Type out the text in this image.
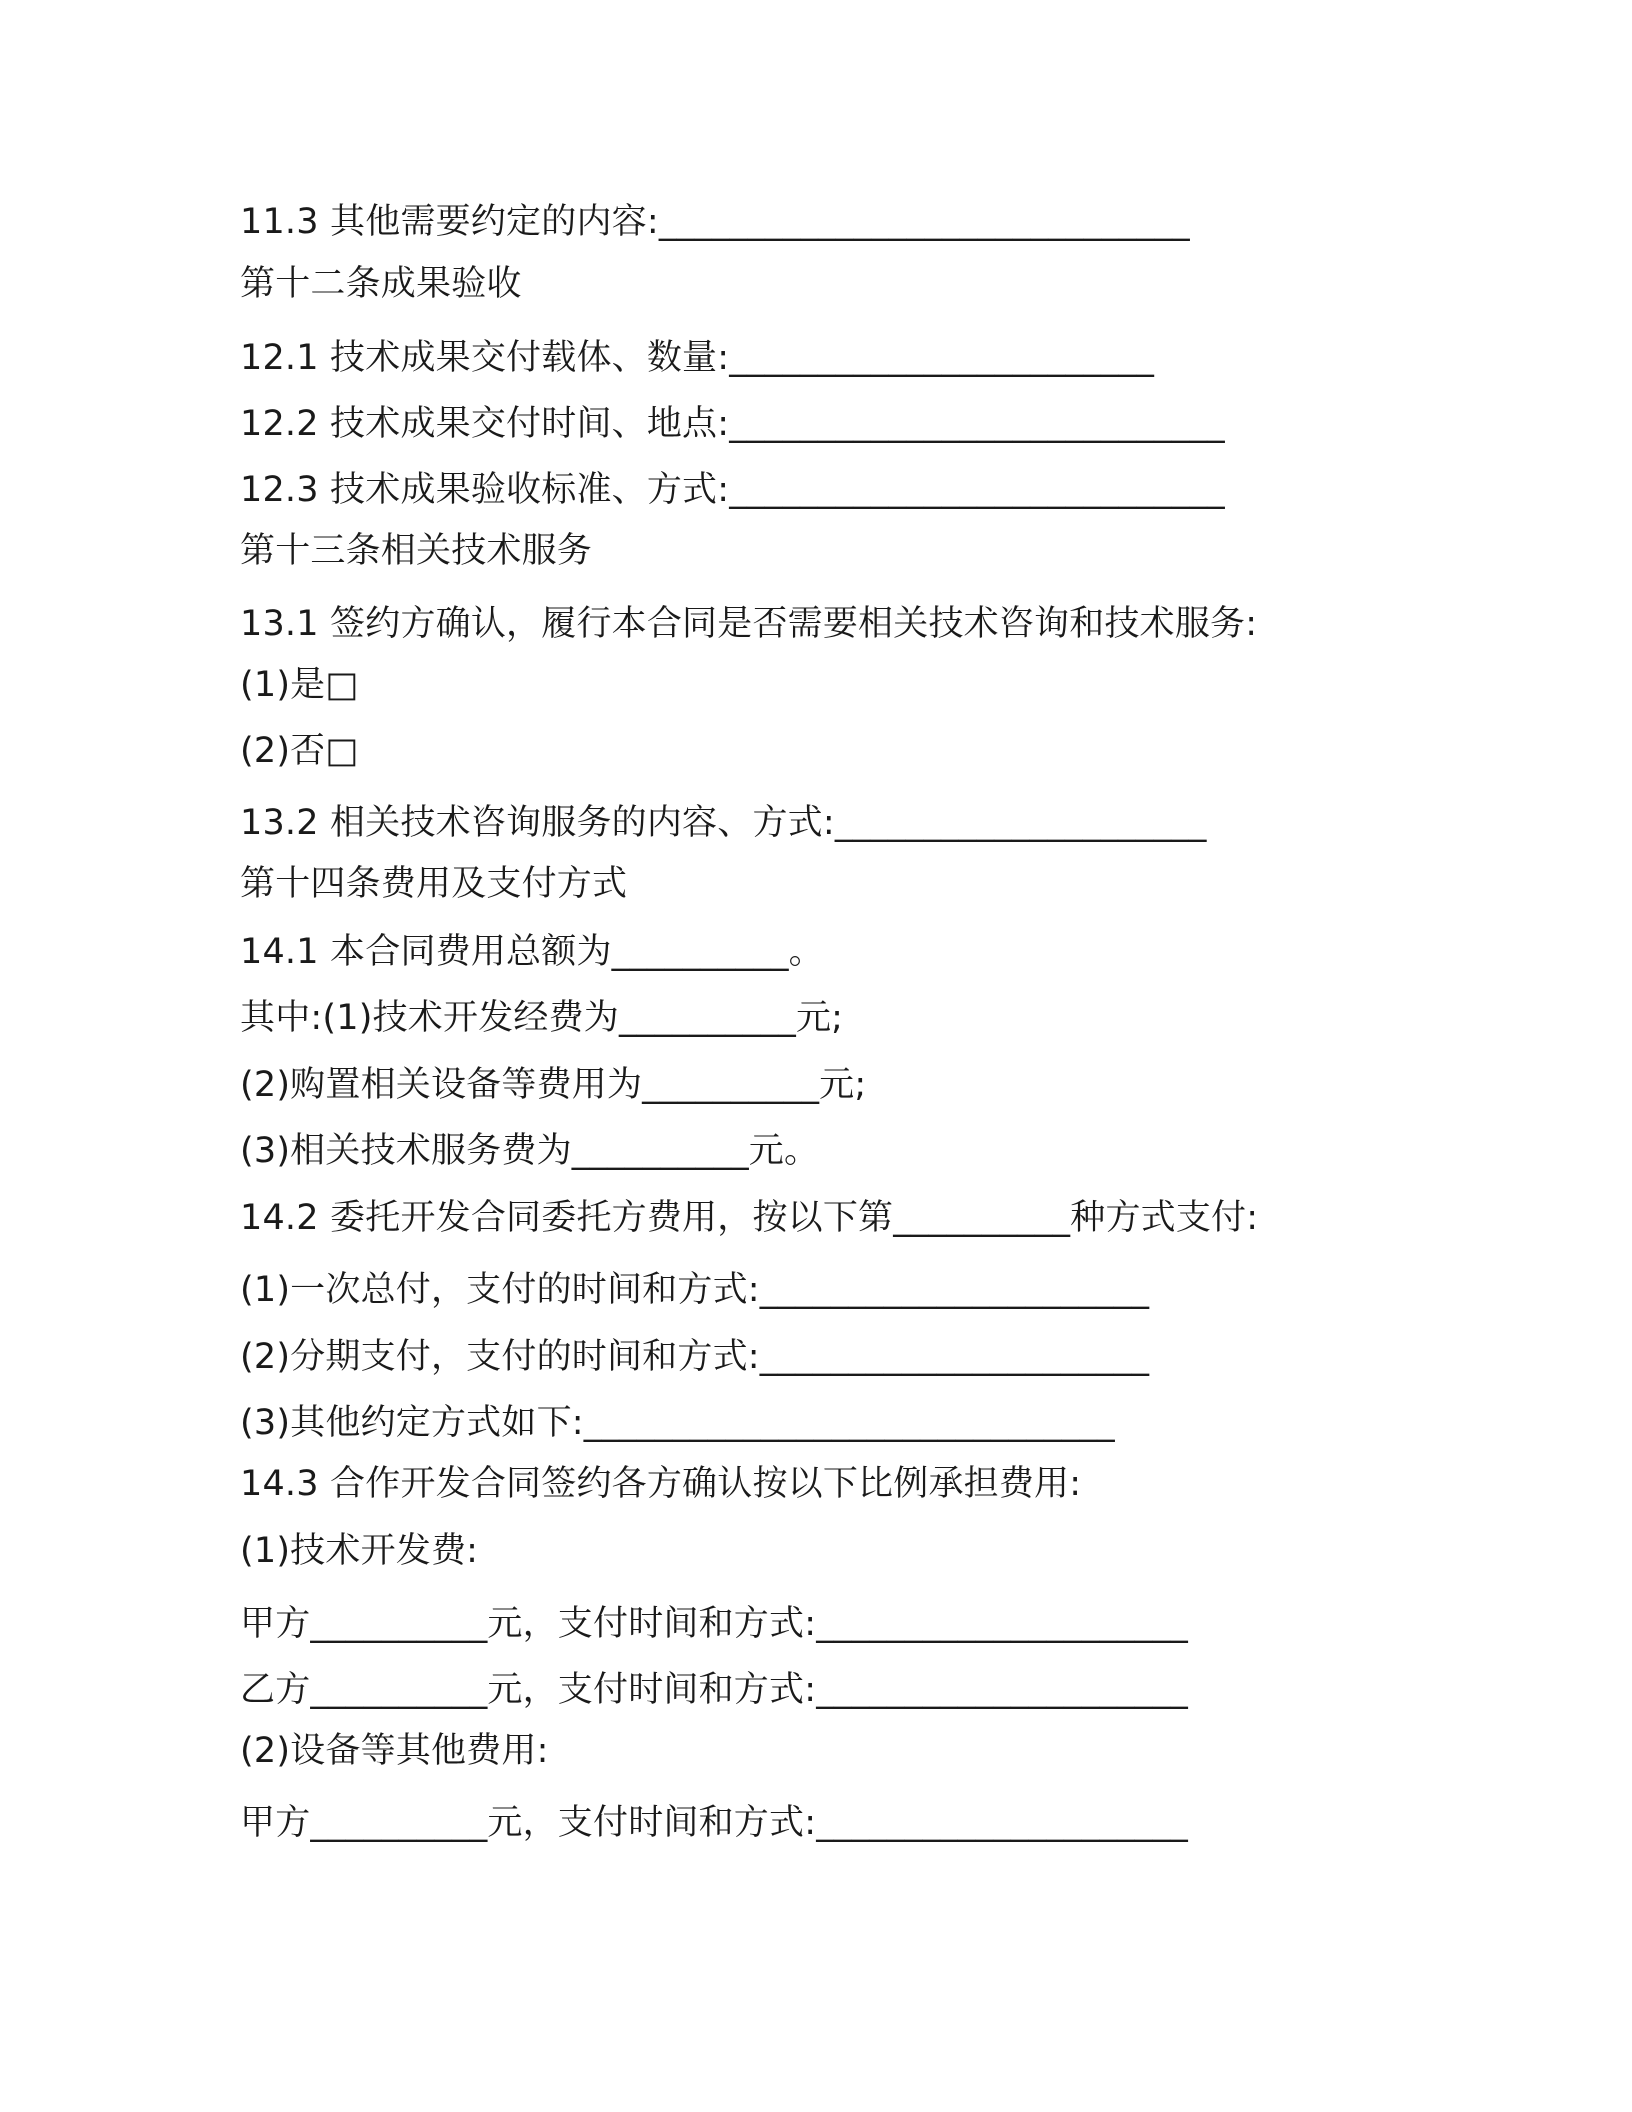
11.3 其他需要约定的内容:______________________________
第十二条成果验收
12.1 技术成果交付载体、数量:________________________
12.2 技术成果交付时间、地点:____________________________
12.3 技术成果验收标准、方式:____________________________
第十三条相关技术服务
13.1 签约方确认，履行本合同是否需要相关技术咨询和技术服务:
(1)是□
(2)否□
13.2 相关技术咨询服务的内容、方式:_____________________
第十四条费用及支付方式
14.1 本合同费用总额为__________。
其中:(1)技术开发经费为__________元;
(2)购置相关设备等费用为__________元;
(3)相关技术服务费为__________元。
14.2 委托开发合同委托方费用，按以下第__________种方式支付:
(1)一次总付，支付的时间和方式:______________________
(2)分期支付，支付的时间和方式:______________________
(3)其他约定方式如下:______________________________
14.3 合作开发合同签约各方确认按以下比例承担费用:
(1)技术开发费:
甲方__________元，支付时间和方式:_____________________
乙方__________元，支付时间和方式:_____________________
(2)设备等其他费用:
甲方__________元，支付时间和方式:_____________________
